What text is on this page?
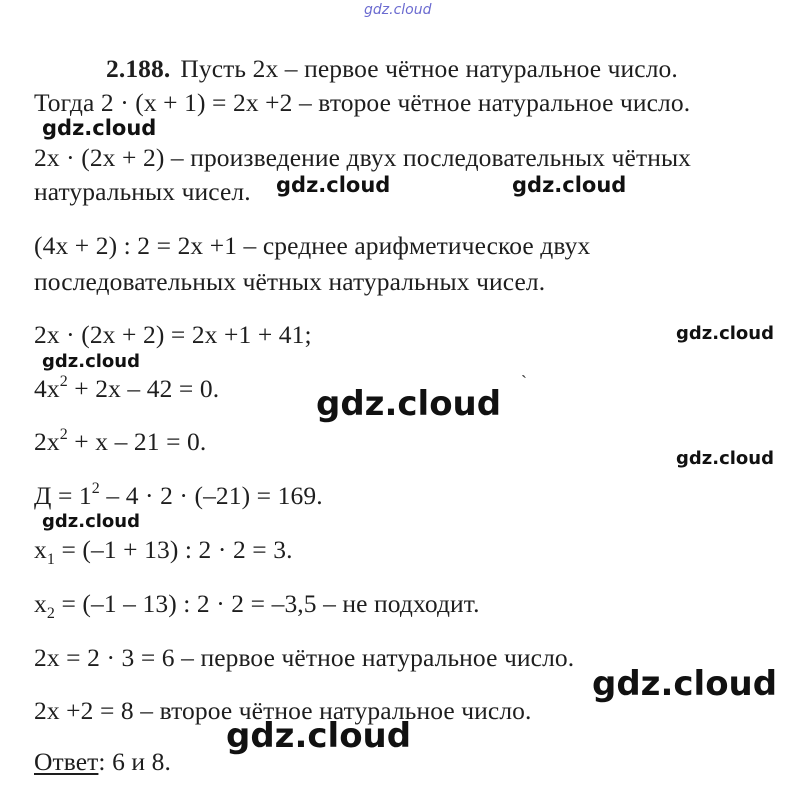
gdz.cloud
gdz.cloud
gdz.cloud	gdz.cloud
gdz.cloud
gdz.cloud
gdz.cloud
gdz.cloud
gdz.cloud
gdz.cloud
gdz.cloud
`
2.188. Пусть 2x – первое чётное натуральное число.
Тогда 2 · (x + 1) = 2x +2 – второе чётное натуральное число.
2x · (2x + 2) – произведение двух последовательных чётных
натуральных чисел.
(4x + 2) : 2 = 2x +1 – среднее арифметическое двух
последовательных чётных натуральных чисел.
2x · (2x + 2) = 2x +1 + 41;
$4x^2 + 2x - 42 = 0$.
$2x^2 + x - 21 = 0$.
$Д = 1^2 - 4 \cdot 2 \cdot (-21) = 169$.
$x_1 = (-1 + 13)$ : 2 · 2 = 3.
$x_2 = (-1 - 13)$ : 2 · 2 = –3,5 – не подходит.
2x = 2 · 3 = 6 – первое чётное натуральное число.
2x +2 = 8 – второе чётное натуральное число.
Ответ: 6 и 8.
